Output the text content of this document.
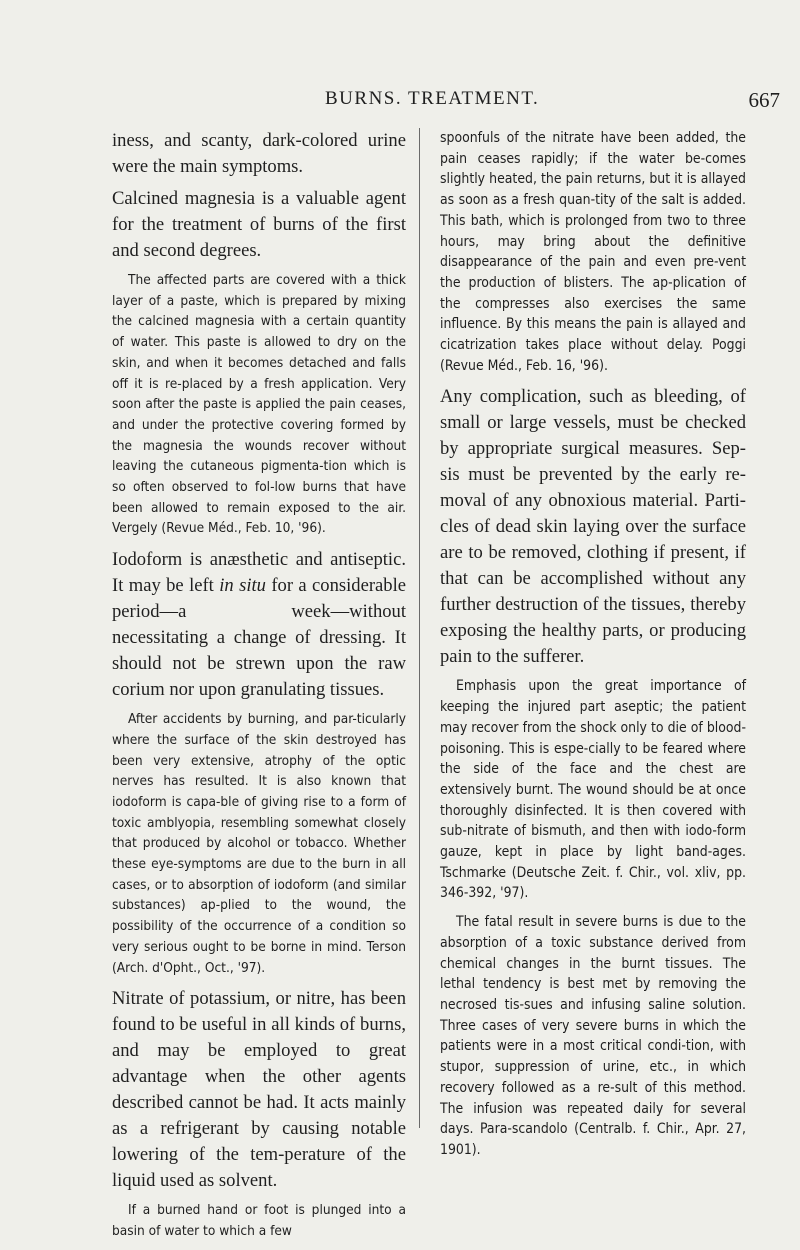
BURNS. TREATMENT.	667

iness, and scanty, dark-colored urine were the main symptoms.

Calcined magnesia is a valuable agent for the treatment of burns of the first and second degrees.

The affected parts are covered with a thick layer of a paste, which is prepared by mixing the calcined magnesia with a certain quantity of water. This paste is allowed to dry on the skin, and when it becomes detached and falls off it is re-placed by a fresh application. Very soon after the paste is applied the pain ceases, and under the protective covering formed by the magnesia the wounds recover without leaving the cutaneous pigmenta-tion which is so often observed to fol-low burns that have been allowed to remain exposed to the air. Vergely (Revue Méd., Feb. 10, '96).

Iodoform is anæsthetic and antiseptic. It may be left in situ for a considerable period—a week—without necessitating a change of dressing. It should not be strewn upon the raw corium nor upon granulating tissues.

After accidents by burning, and par-ticularly where the surface of the skin destroyed has been very extensive, atrophy of the optic nerves has resulted. It is also known that iodoform is capa-ble of giving rise to a form of toxic amblyopia, resembling somewhat closely that produced by alcohol or tobacco. Whether these eye-symptoms are due to the burn in all cases, or to absorption of iodoform (and similar substances) ap-plied to the wound, the possibility of the occurrence of a condition so very serious ought to be borne in mind. Terson (Arch. d'Opht., Oct., '97).

Nitrate of potassium, or nitre, has been found to be useful in all kinds of burns, and may be employed to great advantage when the other agents described cannot be had. It acts mainly as a refrigerant by causing notable lowering of the tem-perature of the liquid used as solvent.

If a burned hand or foot is plunged into a basin of water to which a few

spoonfuls of the nitrate have been added, the pain ceases rapidly; if the water be-comes slightly heated, the pain returns, but it is allayed as soon as a fresh quan-tity of the salt is added. This bath, which is prolonged from two to three hours, may bring about the definitive disappearance of the pain and even pre-vent the production of blisters. The ap-plication of the compresses also exercises the same influence. By this means the pain is allayed and cicatrization takes place without delay. Poggi (Revue Méd., Feb. 16, '96).

Any complication, such as bleeding, of small or large vessels, must be checked by appropriate surgical measures. Sep-sis must be prevented by the early re-moval of any obnoxious material. Parti-cles of dead skin laying over the surface are to be removed, clothing if present, if that can be accomplished without any further destruction of the tissues, thereby exposing the healthy parts, or producing pain to the sufferer.

Emphasis upon the great importance of keeping the injured part aseptic; the patient may recover from the shock only to die of blood-poisoning. This is espe-cially to be feared where the side of the face and the chest are extensively burnt. The wound should be at once thoroughly disinfected. It is then covered with sub-nitrate of bismuth, and then with iodo-form gauze, kept in place by light band-ages. Tschmarke (Deutsche Zeit. f. Chir., vol. xliv, pp. 346-392, '97).

The fatal result in severe burns is due to the absorption of a toxic substance derived from chemical changes in the burnt tissues. The lethal tendency is best met by removing the necrosed tis-sues and infusing saline solution. Three cases of very severe burns in which the patients were in a most critical condi-tion, with stupor, suppression of urine, etc., in which recovery followed as a re-sult of this method. The infusion was repeated daily for several days. Para-scandolo (Centralb. f. Chir., Apr. 27, 1901).
